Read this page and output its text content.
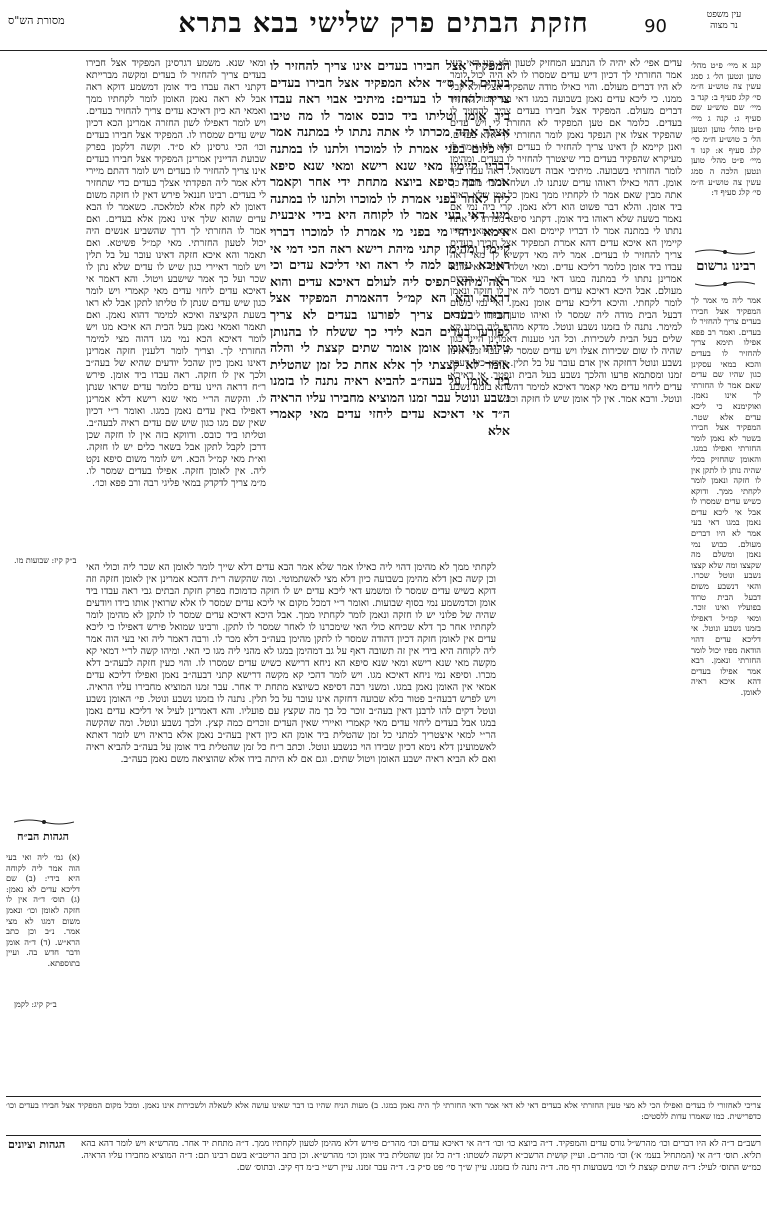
עין משפט
נר מצוה
90
חזקת הבתים פרק שלישי בבא בתרא
מסורת הש"ס

קנג א מיי׳ פ״ט מהל׳ טוען ונטען הל׳ ג סמג עשין צה טוש״ע ח״מ סי׳ קלג סעיף ב: קנד ב מיי׳ שם טוש״ע שם סעיף ג: קנה ג מיי׳ פ״ט מהל׳ טוען ונטען הל׳ ב טוש״ע ח״מ סי׳ קלג סעיף א: קנו ד מיי׳ פ״ט מהל׳ טוען ונטען הלכה ה סמג עשין צה טוש״ע ח״מ סי׳ קלג סעיף ד:

רבינו גרשום

אמר ליה מי אמר לך המפקיד אצל חבירו בעדים צריך להחזיר לו בעדים. ואמר רב פפא אפילו תימא צריך להחזיר לו בעדים והכא במאי עסקינן כגון שהיו שם עדים שאם אמר לו החזרתי לך אינו נאמן. ואוקימנא כי ליכא עדים אלא שטר. המפקיד אצל חבירו בשטר לא נאמן לומר החזרתי ואפילו במגו. והאומן שהחזיק בכלי שהיה נותן לו לתקן אין לו חזקה ונאמן לומר לקחתי ממך. ודוקא כשיש עדים שמסרו לו אבל אי ליכא עדים נאמן במגו דאי בעי אמר לא היו דברים מעולם. כבוש נמי נאמן ומשלם מה שקצצו ומה שלא קצצו נשבע ונוטל שכרו. והאי דנשבע משום דבעל הבית טרוד בפועליו ואינו זוכר. ומאי קמ״ל דאפילו בזמנו נשבע ונוטל. אי דליכא עדים דהוי הודאה מפיו יכול לומר החזרתי ונאמן. רבא אמר אפילו בעדים דהא איכא ראיה לאומן.

עדים אפי׳ לא יהיה לו הנתבע המחזיק לטעון ולא מגו דאי בעי אמר החזרתי לך דכיון דיש עדים שמסרו לו לא היה יכול לומר לא היו דברים מעולם. והוי כאילו מודה שהפקיד אצלו ולא קבל ממנו. כי ליכא עדים נאמן בשבועה במגו דאי בעי אמר לא היו דברים מעולם. המפקיד אצל חבירו בעדים צריך להחזיר לו בעדים. כלומר אם טען המפקיד לא החזרת לי ויש עדים שהפקיד אצלו אין הנפקד נאמן לומר החזרתי לך אלא בעדים. ואנן קיימא לן דאינו צריך להחזיר לו בעדים דהא לא אמר לו מעיקרא שהפקיד בעדים כדי שיצטרך להחזיר לו בעדים. ומהימן לומר החזרתי בשבועה. מיתיבי אבוה דשמואל. ראה עבדו ביד אומן. דהוי כאילו ראוהו עדים שנתנו לו. ושלח לו כו׳ מתוך כך אתה מבין שאם אמר לו לקחתיו ממך נאמן כל זמן שלא ראהו ביד אומן. והלא דבר פשוט הוא דלא נאמן. קרי ביה נמי אם נאמר בשעה שלא ראוהו ביד אומן. דקתני סיפא מכרתו לי אתה נתתו לי במתנה אמר לו דבריו קיימים ואם איתא אמאי דבריו קיימין הא איכא עדים דהא אמרת המפקיד אצל חבירו בעדים צריך להחזיר לו בעדים. אמר ליה מאי דקשיא לך מאי ראה עבדו ביד אומן כלומר דליכא עדים. ומאי ושלח דבכי האי גוונא אמרינן נתתו לי במתנה במגו דאי בעי אמר לא היו דברים מעולם. אבל היכא דאיכא עדים דמסר ליה אין לו חזקה ונאמן לומר לקחתי. והיכא דליכא עדים אומן נאמן. ואי נמי משום דבעל הבית מודה ליה שמסר לו ואיהו טוען נתתו לי ליכא למימר. נתנה לו בזמנו נשבע ונוטל. מדקא מהדר ליה בזמנו קא שלים בעל הבית לשכירות. וכל הני טענות דאמרינן היינו כגון שהיה לו שום שכירות אצלו ויש עדים שמסר לו. עבר זמנו אינו נשבע ונוטל דחזקה אין אדם עובר על בל תלין. והכא כיון דעבר זמנו ומסתמא פרעו והלכך נשבע בעל הבית ונפטר. אי דאיכא עדים ליחוי עדים מאי קאמר דאיכא למימר דהשתא בזמנו נשבע ונוטל. ורבא אמר. אין לך אומן שיש לו חזקה וכו׳.

המפקיד אצל חבירו בעדים אינו צריך להחזיר לו בעדים לא ס״ד אלא המפקיד אצל חבירו בעדים צריך להחזיר לו בעדים: מיתיבי אבוי ראה עבדו ביד אומן וטליתו ביד כובס אומר לו מה טיבו אצלך אתה מכרתו לי אתה נתתו לי במתנה אמר לו כלום בפני אמרת לו למוכרו ולתנו לו במתנה דבריו קיימין מאי שנא רישא ומאי שנא סיפא אמר רבה סיפא ביוצא מתחת ידי אחר וקאמר ליה לאחר בפני אמרת לו למוכרו ולתנו לו במתנה מיגו דאי בעי אמר לו לקוחה היא בידי איבעית אימא ניחזי מי בפני מי אמרת לו למוכרו דברוי קיימין ומהימן קתני מיהת רישא ראה הכי דמי אי דאיכא עדים למה לי ראה ואי דליכא עדים וכי ראה מיהא תפיס ליה לעולם דאיכא עדים והוא דראה והא הא קמ״ל דהאמרת המפקיד אצל חבירו בעדים צריך לפורעו בעדים לא צריך לפורעו בעדים הבא לידי כך ששלח לו בהנותן טליתו לאומן אומן אומר שתים קצצת לי והלה אומר לא קצצתי לך אלא אחת כל זמן שהטלית ביד אומן על בעה״ב להביא ראיה נתנה לו בזמנו נשבע ונוטל עבר זמנו המוציא מחבירו עליו הראיה ה״ד אי דאיכא עדים ליחזי עדים מאי קאמרי אלא

ומאי שנא. משמע דגרסינן המפקיד אצל חבירו בעדים צריך להחזיר לו בעדים ומקשה מברייתא דקתני ראה עבדו ביד אומן דמשמע דוקא ראה אבל לא ראה נאמן האומן לומר לקחתיו ממך ואמאי הא כיון דאיכא עדים צריך להחזיר בעדים. ויש לומר דאפילו לשון החזרה אמרינן הכא דכיון שיש עדים שמסרו לו. המפקיד אצל חבירו בעדים וכו׳ הכי גרסינן לא ס״ד. וקשה דלקמן בפרק שבועת הדיינין אמרינן המפקיד אצל חבירו בעדים אינו צריך להחזיר לו בעדים ויש לומר דהתם מיירי דלא אמר ליה הפקדתי אצלך בעדים כדי שתחזיר לי בעדים. רבינו חננאל פירש דאין לו חזקה משום דאומן לא לקח אלא למלאכה. כשאמר לו הבא עדים שהוא שלך אינו נאמן אלא בעדים. ואם אמר לו החזרתי לך דרך שהשביע אנשים היה יכול לטעון החזרתי. מאי קמ״ל פשיטא. ואם תאמר והא איכא חזקה דאינו עובר על בל תלין ויש לומר דאיירי כגון שיש לו עדים שלא נתן לו שכר ועל כך אמר שישבע ויטול. והא דאמר אי דאיכא עדים ליחזי עדים מאי קאמרי ויש לומר כגון שיש עדים שנתן לו טליתו לתקן אבל לא ראו בשעת הקציצה ואיכא למימר דהוא נאמן. ואם תאמר ואמאי נאמן בעל הבית הא איכא מגו ויש לומר דאיכא הכא נמי מגו דהוה מצי למימר החזרתי לך. וצריך לומר דלענין חזקה אמרינן דאינו נאמן כיון שהכל יודעים שהיא של בעה״ב ולכך אין לו חזקה. ראה עבדו ביד אומן. פירש ר״ח דראה היינו עדים כלומר עדים שראו שנתן לו. והקשה הר״י מאי שנא רישא דלא אמרינן דאפילו באין עדים נאמן במגו. ואומר ר״י דכיון שאין שם מגו כגון שיש שם עדים ראיה לבעה״ב. וטליתו ביד כובס. ודווקא בזה אין לו חזקה שכן דרכן לקבל לתקן אבל בשאר כלים יש לו חזקה. וא״ת מאי קמ״ל הכא. ויש לומר משום סיפא נקט ליה. אין לאומן חזקה. אפילו בעדים שמסר לו. מ״מ צריך לדקדק במאי פליגי רבה ורב פפא וכו׳.

לקחתי ממך לא מהימן דהוי ליה כאילו אמר שלא אמר הבא עדים דלא שייך לומר לאומן הא שכר ליה וכולי האי וכן קשה כאן דלא מהימן בשבועה כיון דלא מצי לאשתמוטי. ומה שהקשה ר״ת דהכא אמרינן אין לאומן חזקה וזה דוקא כשיש עדים שמסר לו ומשמע דאי ליכא עדים יש לו חזקה כדמוכח בפרק חזקת הבתים גבי ראה עבדו ביד אומן וכדמשמע נמי בסוף שבועות. ואומר ר״י דמכל מקום אי ליכא עדים שמסר לו אלא שרואין אותו בידו ויודעים שהיה של פלוני יש לו חזקה ונאמן לומר לקחתיו ממך. אבל היכא דאיכא עדים שמסר לו לתקן לא מהימן לומר לקחתיו אחר כך דלא שכיחא כולי האי שימכרנו לו לאחר שמסר לו לתקן. ורבינו שמואל פירש דאפילו כי ליכא עדים אין לאומן חזקה דכיון דהודה שמסר לו לתקן מהימן בעה״ב דלא מכר לו. ורבה דאמר ליה ואי בעי הוה אמר ליה לקוחה היא בידי אין זה תשובה דאף על גב דמהימן במגו לא מהני ליה מגו כי האי. ומיהו קשה לר״י דמאי קא מקשה מאי שנא רישא ומאי שנא סיפא הא ניחא דרישא כשיש עדים שמסרו לו. והוי כעין חזקה לבעה״ב דלא מכרו. וסיפא נמי ניחא דאיכא מגו. ויש לומר דהכי קא מקשה דרישא קתני דבעה״ב נאמן ואפילו דליכא עדים אמאי אין האומן נאמן במגו. ומשני רבה דסיפא כשיוצא מתחת יד אחר. עבר זמנו המוציא מחבירו עליו הראיה. ויש לפרש דבעה״ב פטור בלא שבועה דחזקה אינו עובר על בל תלין. נתנה לו בזמנו נשבע ונוטל. פי׳ האומן נשבע ונוטל דקים להו לרבנן דאין בעה״ב זוכר כל כך מה שקצץ עם פועליו. והא דאמרינן לעיל אי דליכא עדים נאמן במגו אבל בעדים ליחזי עדים מאי קאמרי ואיירי שאין העדים זוכרים כמה קצץ. ולכך נשבע ונוטל. ומה שהקשה הר״י למאי איצטריך למתני כל זמן שהטלית ביד אומן הא כיון דאין בעה״ב נאמן אלא בראיה ויש לומר דאתא לאשמועינן דלא נימא דכיון שבידו הוי כנשבע ונוטל. וכתב ר״ח כל זמן שהטלית ביד אומן על בעה״ב להביא ראיה ואם לא הביא ראיה ישבע האומן ויטול שתים. וגם אם לא היתה בידו אלא שהוציאה משם נאמן בעה״ב.

ב״ק קיז: שבועות מו.
ב״ק קיג: לקמן
הגהות הב״ח

(א) גמ׳ ליה ואי בעי הוה אמר ליה לקוחה היא בידי: (ב) שם דליכא עדים לא נאמן: (ג) תוס׳ ד״ה אין לו חזקה לאומן וכו׳ ונאמן משום דמגו לא מצי אמר. נ״ב וכן כתב הרא״ש. (ד) ד״ה אומן ודבר חדש בה. ועיין בתוספתא.

צריכי לאחזורי לו בעדים ואפילו הכי לא מצי טעין החזרתי אלא בעדים דאי לא דאי אמר ודאי החזרתי לך היה נאמן במגו. ב) מעות הניח שהיו בו דבר שאינו עושה אלא לשאלה ולשכירות אינו נאמן. ומכל מקום המפקיד אצל חבירו בעדים וכו׳ כדפרישית. כמו שאמרו עדות ללסטים:

הגהות וציונים רשב״ם ד״ה לא היו דברים וכו׳ מהרש״ל גורס עדים והמפקיד. ד״ה ביוצא כו׳ וכו׳ ד״ה אי דאיכא עדים וכו׳ מהר״ם פירש דלא מהימן לטעון לקחתיו ממך. ד״ה מתחת יד אחר. מהרש״א ויש לומר דהא בהא תליא. תוס׳ ד״ה אי (המתחיל בעמ׳ א׳) וכו׳ מהר״ם. ועיין קושית הרשב״א דקשה לשטתו: ד״ה כל זמן שהטלית ביד אומן וכו׳ מהרש״א. וכן כתב הריטב״א בשם רבינו תם: ד״ה המוציא מחבירו עליו הראיה. כמ״ש התוס׳ לעיל: ד״ה שתים קצצת לי וכו׳ בשבועות דף מה. ד״ה נתנה לו בזמנו. עיין ש״ך סי׳ פט ס״ק ב׳. ד״ה עבר זמנו. עיין רש״י ב״מ דף קיב. ובתוס׳ שם.
